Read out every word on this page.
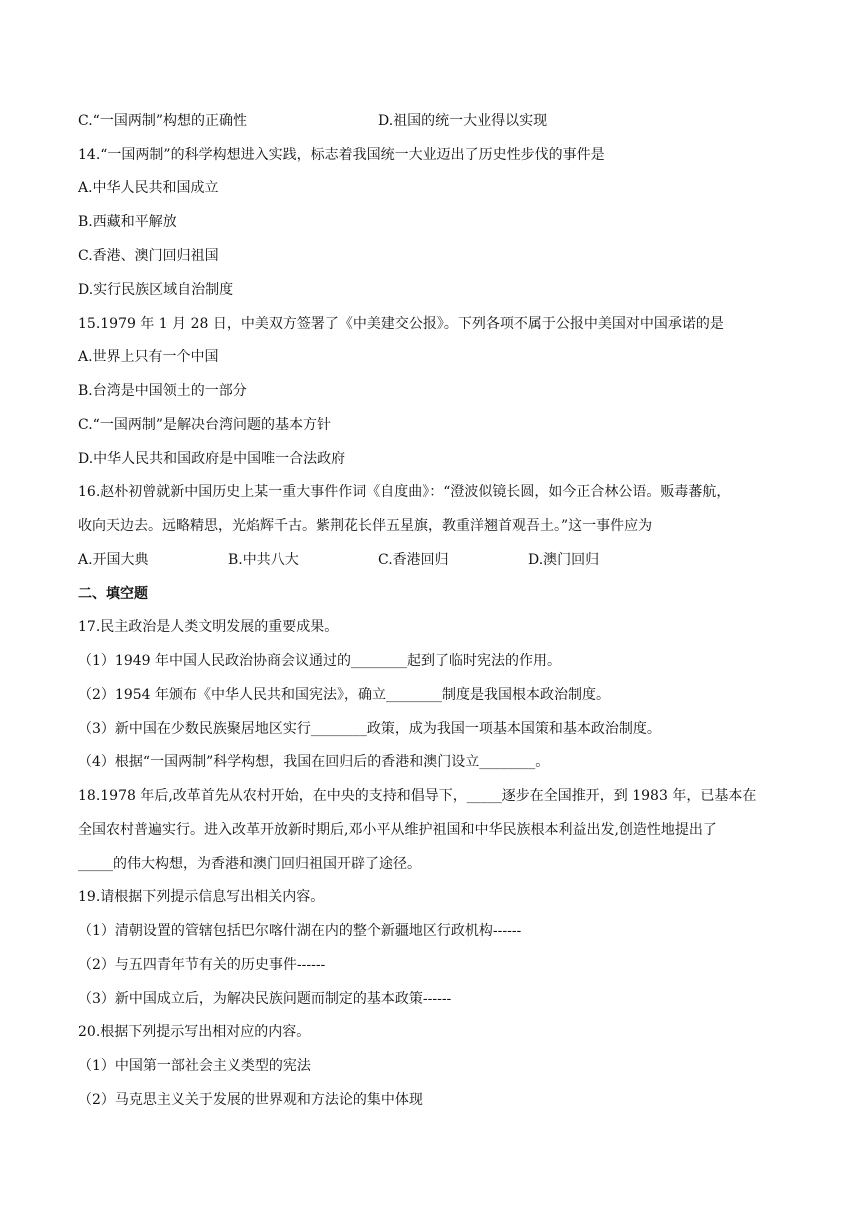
C.“一国两制”构想的正确性	D.祖国的统一大业得以实现
14.“一国两制”的科学构想进入实践，标志着我国统一大业迈出了历史性步伐的事件是
A.中华人民共和国成立
B.西藏和平解放
C.香港、澳门回归祖国
D.实行民族区域自治制度
15.1979 年 1 月 28 日，中美双方签署了《中美建交公报》。下列各项不属于公报中美国对中国承诺的是
A.世界上只有一个中国
B.台湾是中国领土的一部分
C.“一国两制”是解决台湾问题的基本方针
D.中华人民共和国政府是中国唯一合法政府
16.赵朴初曾就新中国历史上某一重大事件作词《自度曲》：“澄波似镜长圆，如今正合林公语。贩毒蕃航，
收向天边去。远略精思，光焰辉千古。紫荆花长伴五星旗，教重洋翘首观吾土。”这一事件应为
A.开国大典	B.中共八大	C.香港回归	D.澳门回归
二、填空题
17.民主政治是人类文明发展的重要成果。
（1）1949 年中国人民政治协商会议通过的________起到了临时宪法的作用。
（2）1954 年颁布《中华人民共和国宪法》，确立________制度是我国根本政治制度。
（3）新中国在少数民族聚居地区实行________政策，成为我国一项基本国策和基本政治制度。
（4）根据“一国两制”科学构想，我国在回归后的香港和澳门设立________。
18.1978 年后,改革首先从农村开始，在中央的支持和倡导下，_____逐步在全国推开，到 1983 年，已基本在
全国农村普遍实行。进入改革开放新时期后,邓小平从维护祖国和中华民族根本利益出发,创造性地提出了
_____的伟大构想，为香港和澳门回归祖国开辟了途径。
19.请根据下列提示信息写出相关内容。
（1）清朝设置的管辖包括巴尔喀什湖在内的整个新疆地区行政机构------
（2）与五四青年节有关的历史事件------
（3）新中国成立后，为解决民族问题而制定的基本政策------
20.根据下列提示写出相对应的内容。
（1）中国第一部社会主义类型的宪法
（2）马克思主义关于发展的世界观和方法论的集中体现
